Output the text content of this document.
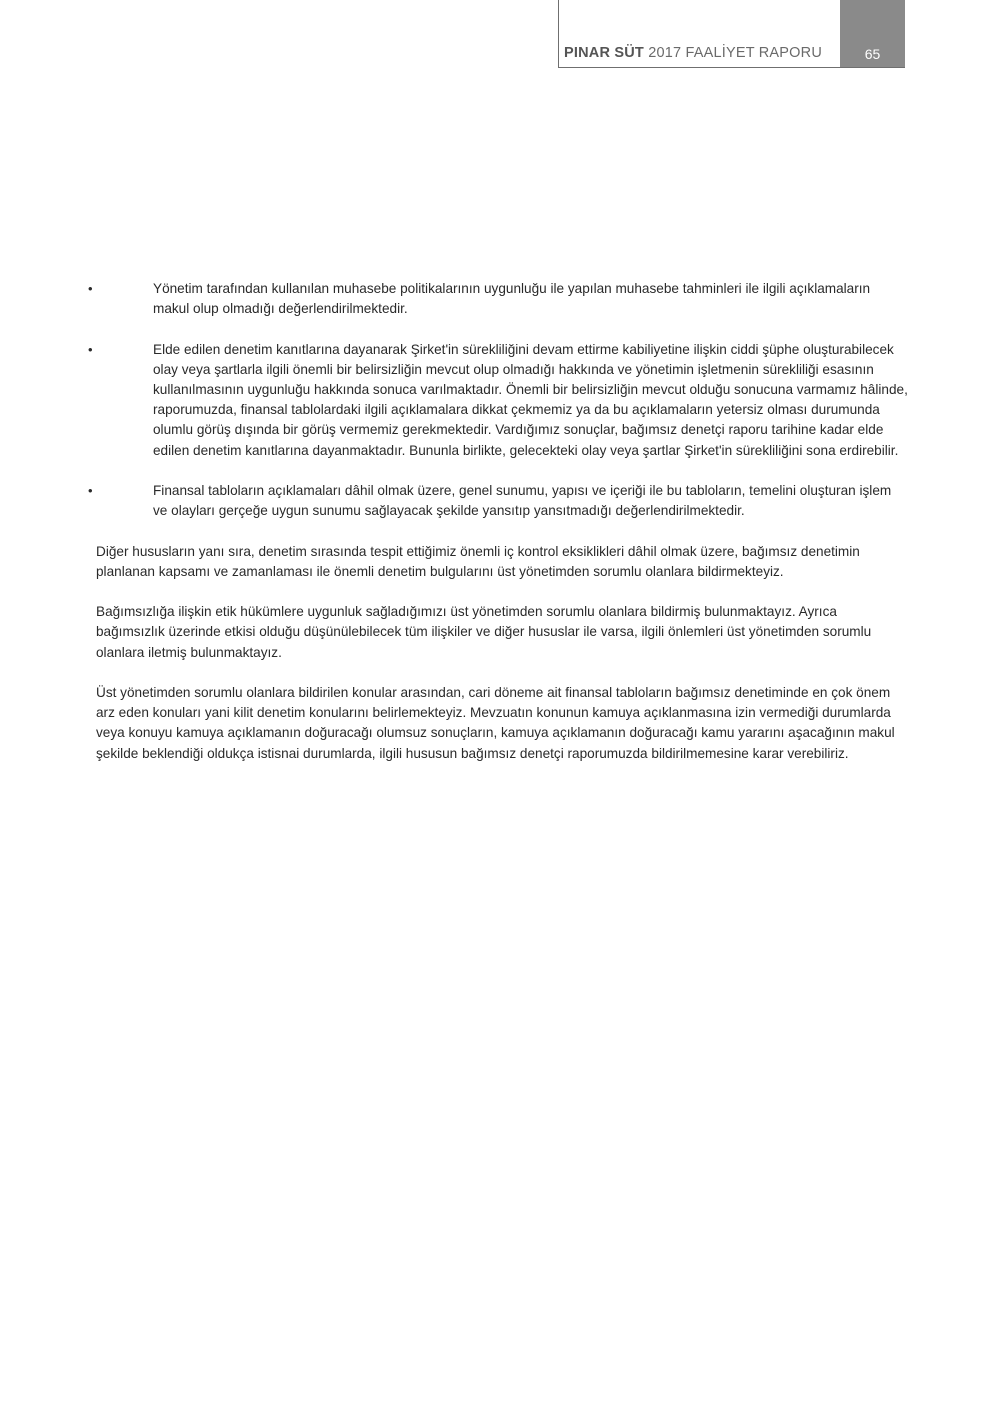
PINAR SÜT 2017 FAALİYET RAPORU	65
•	Yönetim tarafından kullanılan muhasebe politikalarının uygunluğu ile yapılan muhasebe tahminleri ile ilgili açıklamaların makul olup olmadığı değerlendirilmektedir.
•	Elde edilen denetim kanıtlarına dayanarak Şirket'in sürekliliğini devam ettirme kabiliyetine ilişkin ciddi şüphe oluşturabilecek olay veya şartlarla ilgili önemli bir belirsizliğin mevcut olup olmadığı hakkında ve yönetimin işletmenin sürekliliği esasının kullanılmasının uygunluğu hakkında sonuca varılmaktadır. Önemli bir belirsizliğin mevcut olduğu sonucuna varmamız hâlinde, raporumuzda, finansal tablolardaki ilgili açıklamalara dikkat çekmemiz ya da bu açıklamaların yetersiz olması durumunda olumlu görüş dışında bir görüş vermemiz gerekmektedir. Vardığımız sonuçlar, bağımsız denetçi raporu tarihine kadar elde edilen denetim kanıtlarına dayanmaktadır. Bununla birlikte, gelecekteki olay veya şartlar Şirket'in sürekliliğini sona erdirebilir.
•	Finansal tabloların açıklamaları dâhil olmak üzere, genel sunumu, yapısı ve içeriği ile bu tabloların, temelini oluşturan işlem ve olayları gerçeğe uygun sunumu sağlayacak şekilde yansıtıp yansıtmadığı değerlendirilmektedir.

Diğer hususların yanı sıra, denetim sırasında tespit ettiğimiz önemli iç kontrol eksiklikleri dâhil olmak üzere, bağımsız denetimin planlanan kapsamı ve zamanlaması ile önemli denetim bulgularını üst yönetimden sorumlu olanlara bildirmekteyiz.

Bağımsızlığa ilişkin etik hükümlere uygunluk sağladığımızı üst yönetimden sorumlu olanlara bildirmiş bulunmaktayız. Ayrıca bağımsızlık üzerinde etkisi olduğu düşünülebilecek tüm ilişkiler ve diğer hususlar ile varsa, ilgili önlemleri üst yönetimden sorumlu olanlara iletmiş bulunmaktayız.

Üst yönetimden sorumlu olanlara bildirilen konular arasından, cari döneme ait finansal tabloların bağımsız denetiminde en çok önem arz eden konuları yani kilit denetim konularını belirlemekteyiz. Mevzuatın konunun kamuya açıklanmasına izin vermediği durumlarda veya konuyu kamuya açıklamanın doğuracağı olumsuz sonuçların, kamuya açıklamanın doğuracağı kamu yararını aşacağının makul şekilde beklendiği oldukça istisnai durumlarda, ilgili hususun bağımsız denetçi raporumuzda bildirilmemesine karar verebiliriz.
